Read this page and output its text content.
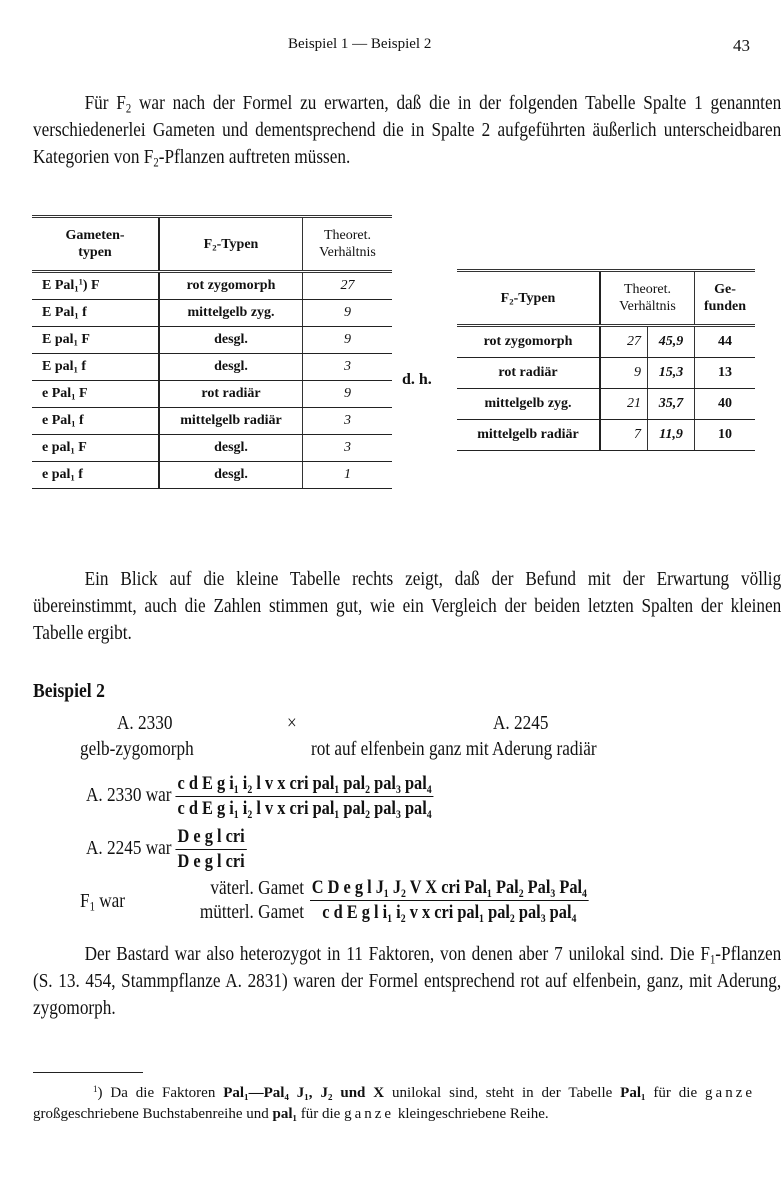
Beispiel 1 — Beispiel 2	43

Für $F_2$ war nach der Formel zu erwarten, daß die in der folgenden Tabelle Spalte 1 genannten verschiedenerlei Gameten und dementsprechend die in Spalte 2 aufgeführten äußerlich unterscheidbaren Kategorien von $F_2$-Pflanzen auftreten müssen.

Gameten-
typen	$F_2$-Typen	Theoret.
Verhältnis
E Pal$_1^1$) F	rot zygomorph	27
E Pal$_1$ f	mittelgelb zyg.	9
E pal$_1$ F	desgl.	9
E pal$_1$ f	desgl.	3
e Pal$_1$ F	rot radiär	9
e Pal$_1$ f	mittelgelb radiär	3
e pal$_1$ F	desgl.	3
e pal$_1$ f	desgl.	1
d. h.
$F_2$-Typen	Theoret.
Verhältnis		Ge-
funden
rot zygomorph	27	45,9	44
rot radiär	9	15,3	13
mittelgelb zyg.	21	35,7	40
mittelgelb radiär	7	11,9	10

Ein Blick auf die kleine Tabelle rechts zeigt, daß der Befund mit der Erwartung völlig übereinstimmt, auch die Zahlen stimmen gut, wie ein Vergleich der beiden letzten Spalten der kleinen Tabelle ergibt.

Beispiel 2
A. 2330	×	A. 2245
gelb-zygomorph	rot auf elfenbein ganz mit Aderung radiär
A. 2330 war $\frac{\text{c d E g i₁ i₂ l v x cri pal₁ pal₂ pal₃ pal₄}}{\text{c d E g i₁ i₂ l v x cri pal₁ pal₂ pal₃ pal₄}}$
A. 2245 war $\frac{\text{D e g l cri}}{\text{D e g l cri}}$
$F_1$ war
väterl. Gamet
mütterl. Gamet $\frac{\text{C D e g l J₁ J₂ V X cri Pal₁ Pal₂ Pal₃ Pal₄}}{\text{c d E g l i₁ i₂ v x cri pal₁ pal₂ pal₃ pal₄}}$

Der Bastard war also heterozygot in 11 Faktoren, von denen aber 7 unilokal sind. Die $F_1$-Pflanzen (S. 13. 454, Stammpflanze A. 2831) waren der Formel entsprechend rot auf elfenbein, ganz, mit Aderung, zygomorph.

$^1$) Da die Faktoren Pal₁—Pal₄ J₁, J₂ und X unilokal sind, steht in der Tabelle Pal₁ für die ganze großgeschriebene Buchstabenreihe und pal₁ für die ganze kleingeschriebene Reihe.
